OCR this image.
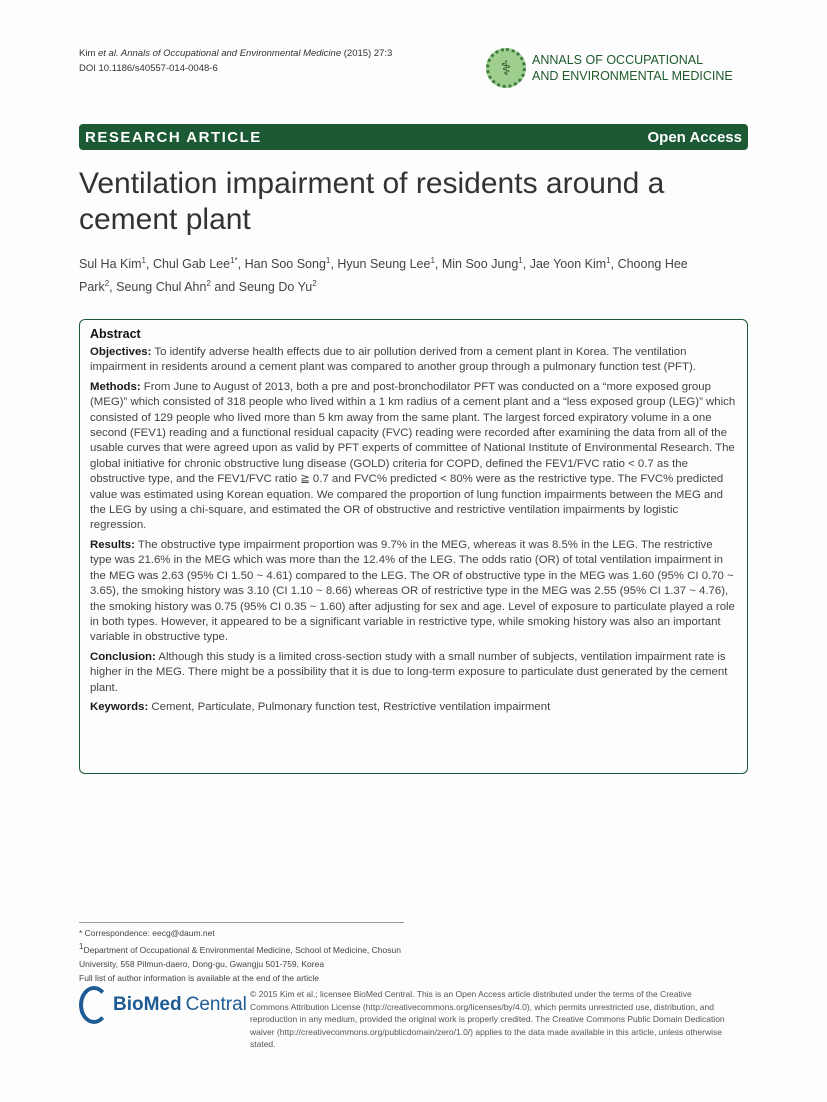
Kim et al. Annals of Occupational and Environmental Medicine (2015) 27:3
DOI 10.1186/s40557-014-0048-6	⚕	ANNALS OF OCCUPATIONAL
AND ENVIRONMENTAL MEDICINE
RESEARCH ARTICLE	Open Access
Ventilation impairment of residents around a cement plant
Sul Ha Kim$^1$, Chul Gab Lee$^{1*}$, Han Soo Song$^1$, Hyun Seung Lee$^1$, Min Soo Jung$^1$, Jae Yoon Kim$^1$, Choong Hee Park$^2$, Seung Chul Ahn$^2$ and Seung Do Yu$^2$
Abstract

Objectives: To identify adverse health effects due to air pollution derived from a cement plant in Korea. The ventilation impairment in residents around a cement plant was compared to another group through a pulmonary function test (PFT).

Methods: From June to August of 2013, both a pre and post-bronchodilator PFT was conducted on a “more exposed group (MEG)” which consisted of 318 people who lived within a 1 km radius of a cement plant and a “less exposed group (LEG)” which consisted of 129 people who lived more than 5 km away from the same plant. The largest forced expiratory volume in a one second (FEV1) reading and a functional residual capacity (FVC) reading were recorded after examining the data from all of the usable curves that were agreed upon as valid by PFT experts of committee of National Institute of Environmental Research. The global initiative for chronic obstructive lung disease (GOLD) criteria for COPD, defined the FEV1/FVC ratio < 0.7 as the obstructive type, and the FEV1/FVC ratio ≧ 0.7 and FVC% predicted < 80% were as the restrictive type. The FVC% predicted value was estimated using Korean equation. We compared the proportion of lung function impairments between the MEG and the LEG by using a chi-square, and estimated the OR of obstructive and restrictive ventilation impairments by logistic regression.

Results: The obstructive type impairment proportion was 9.7% in the MEG, whereas it was 8.5% in the LEG. The restrictive type was 21.6% in the MEG which was more than the 12.4% of the LEG. The odds ratio (OR) of total ventilation impairment in the MEG was 2.63 (95% CI 1.50 ~ 4.61) compared to the LEG. The OR of obstructive type in the MEG was 1.60 (95% CI 0.70 ~ 3.65), the smoking history was 3.10 (CI 1.10 ~ 8.66) whereas OR of restrictive type in the MEG was 2.55 (95% CI 1.37 ~ 4.76), the smoking history was 0.75 (95% CI 0.35 ~ 1.60) after adjusting for sex and age. Level of exposure to particulate played a role in both types. However, it appeared to be a significant variable in restrictive type, while smoking history was also an important variable in obstructive type.

Conclusion: Although this study is a limited cross-section study with a small number of subjects, ventilation impairment rate is higher in the MEG. There might be a possibility that it is due to long-term exposure to particulate dust generated by the cement plant.

Keywords: Cement, Particulate, Pulmonary function test, Restrictive ventilation impairment

* Correspondence: eecg@daum.net
$^1$Department of Occupational & Environmental Medicine, School of Medicine, Chosun University, 558 Pilmun-daero, Dong-gu, Gwangju 501-759, Korea
Full list of author information is available at the end of the article
BioMed Central © 2015 Kim et al.; licensee BioMed Central. This is an Open Access article distributed under the terms of the Creative Commons Attribution License (http://creativecommons.org/licenses/by/4.0), which permits unrestricted use, distribution, and reproduction in any medium, provided the original work is properly credited. The Creative Commons Public Domain Dedication waiver (http://creativecommons.org/publicdomain/zero/1.0/) applies to the data made available in this article, unless otherwise stated.
